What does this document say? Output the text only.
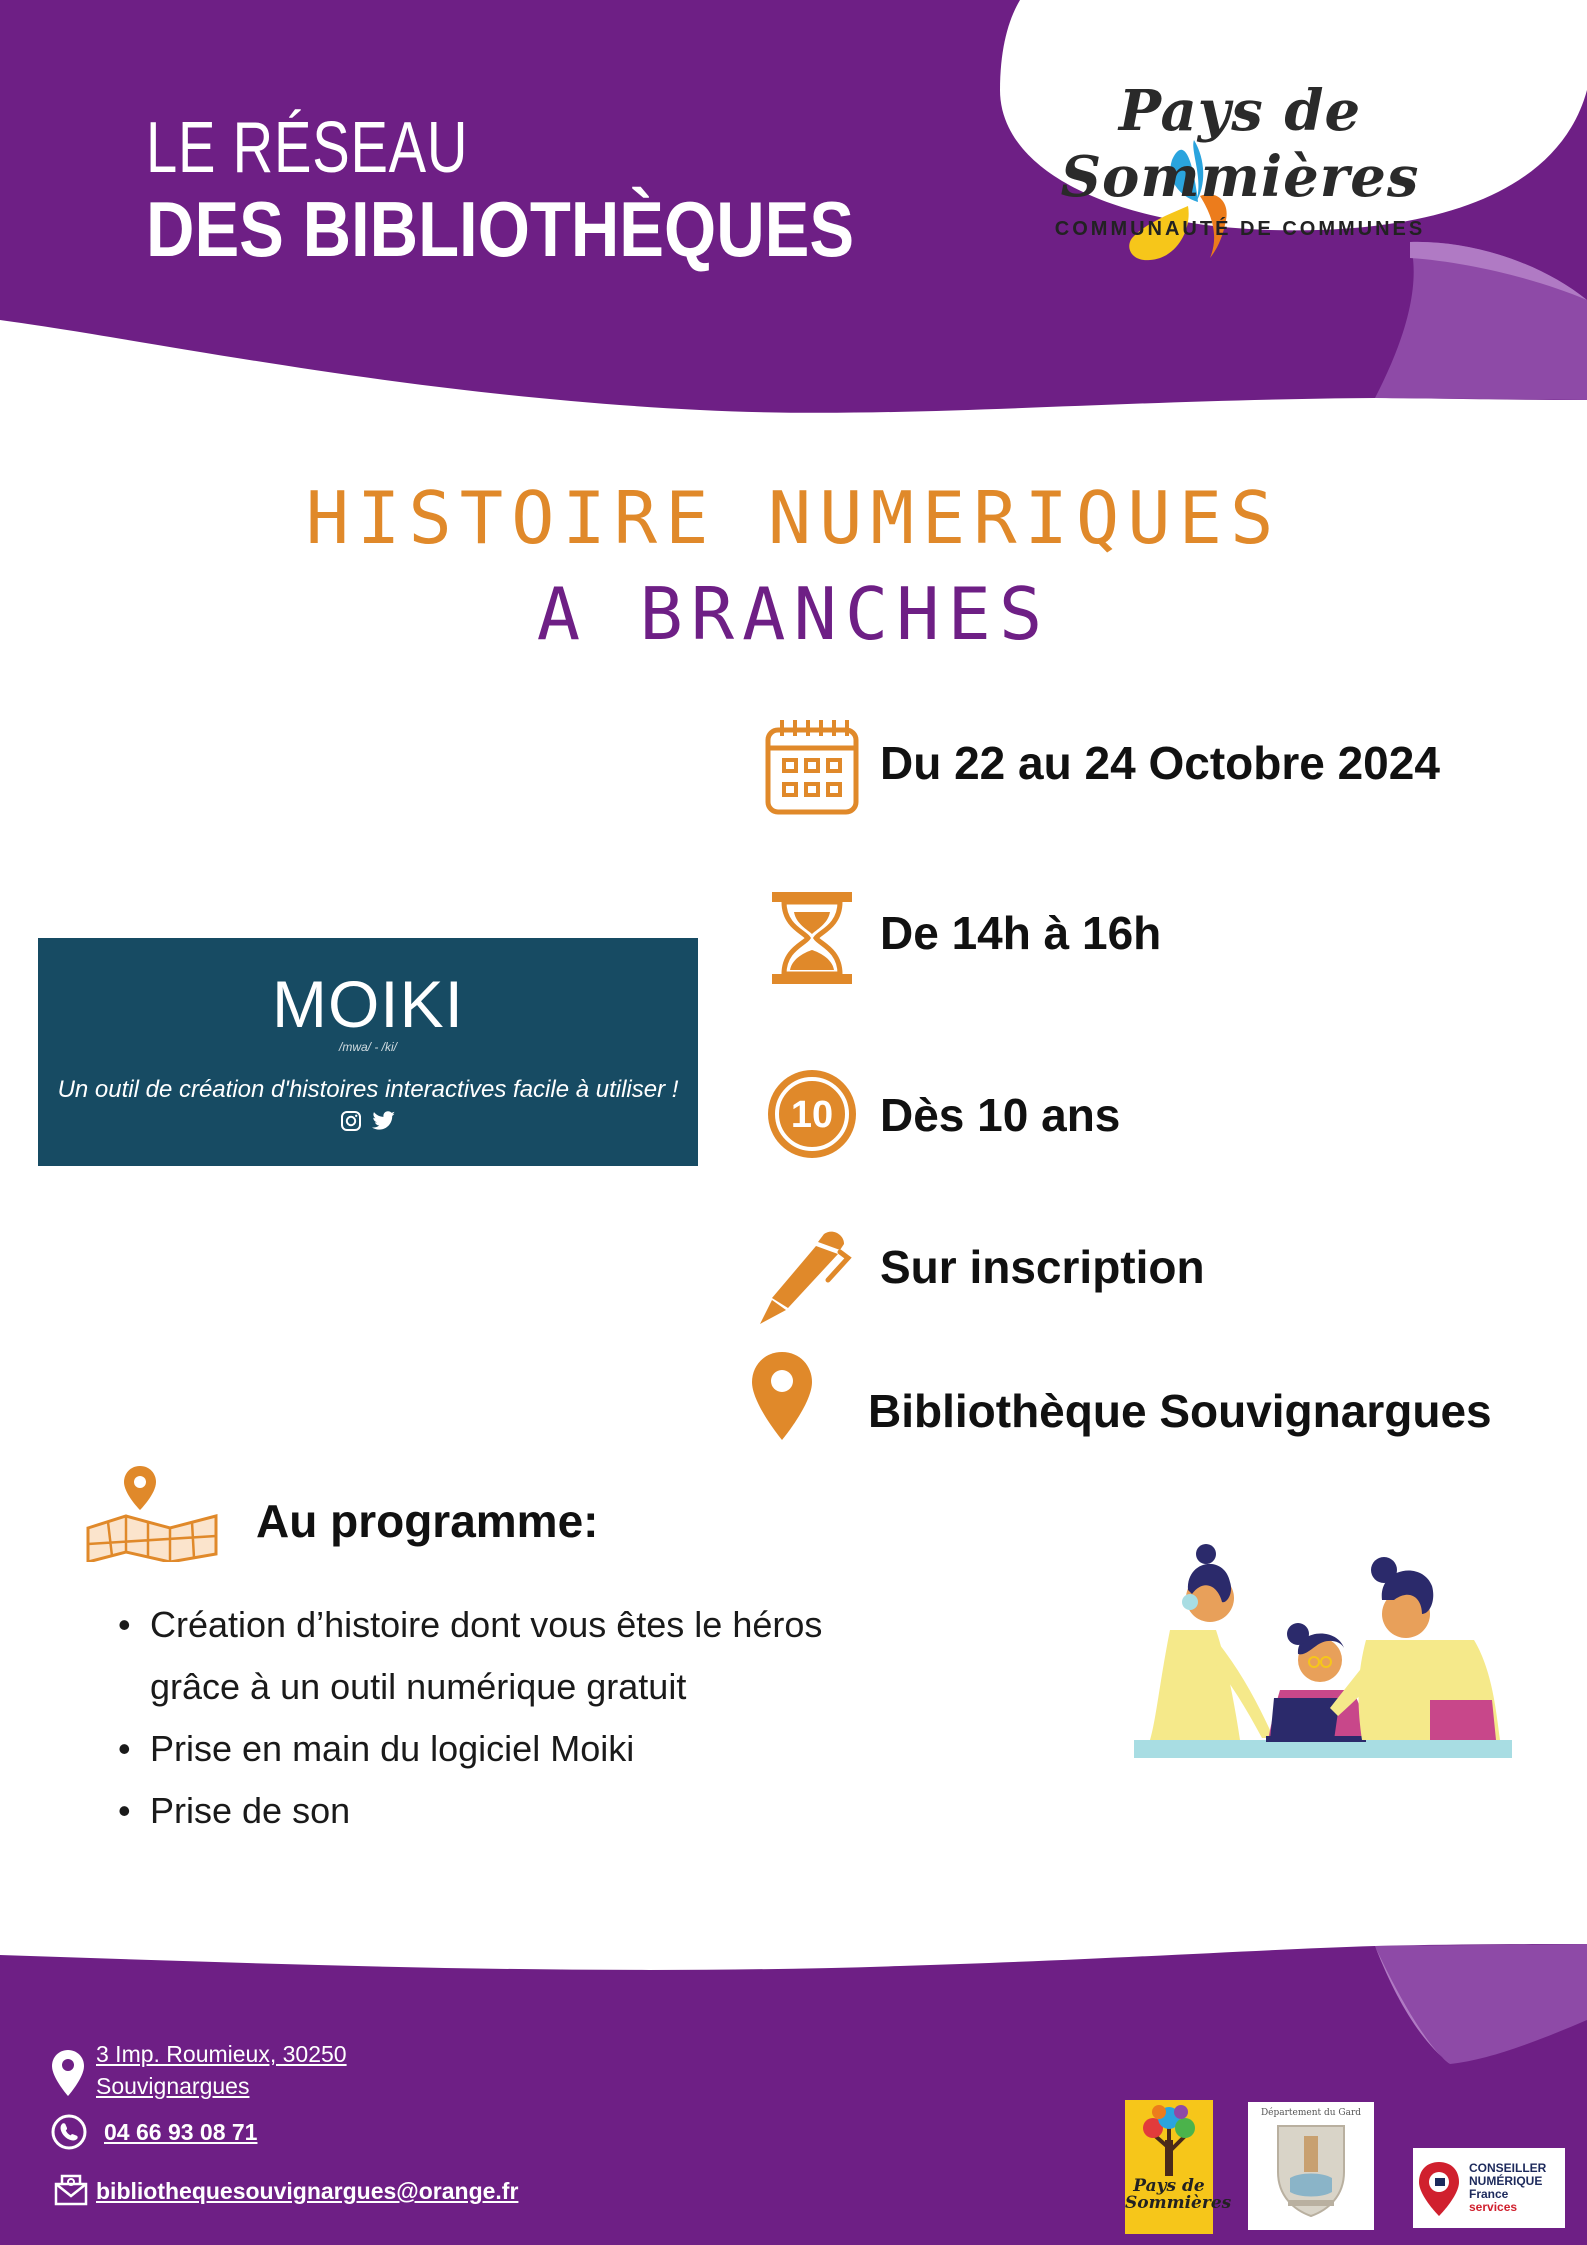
LE RÉSEAU
DES BIBLIOTHÈQUES
Pays de Sommières
COMMUNAUTÉ DE COMMUNES
HISTOIRE NUMERIQUES
A BRANCHES
MOIKI
/mwa/ - /ki/
Un outil de création d'histoires interactives facile à utiliser !

Du 22 au 24 Octobre 2024
De 14h à 16h
10 Dès 10 ans
Sur inscription
Bibliothèque Souvignargues
Au programme:
• Création d’histoire dont vous êtes le héros
grâce à un outil numérique gratuit
• Prise en main du logiciel Moiki
• Prise de son
3 Imp. Roumieux, 30250
Souvignargues
04 66 93 08 71
bibliothequesouvignargues@orange.fr	Pays de
Sommières
Département du Gard
CONSEILLER
NUMÉRIQUE
France
services
